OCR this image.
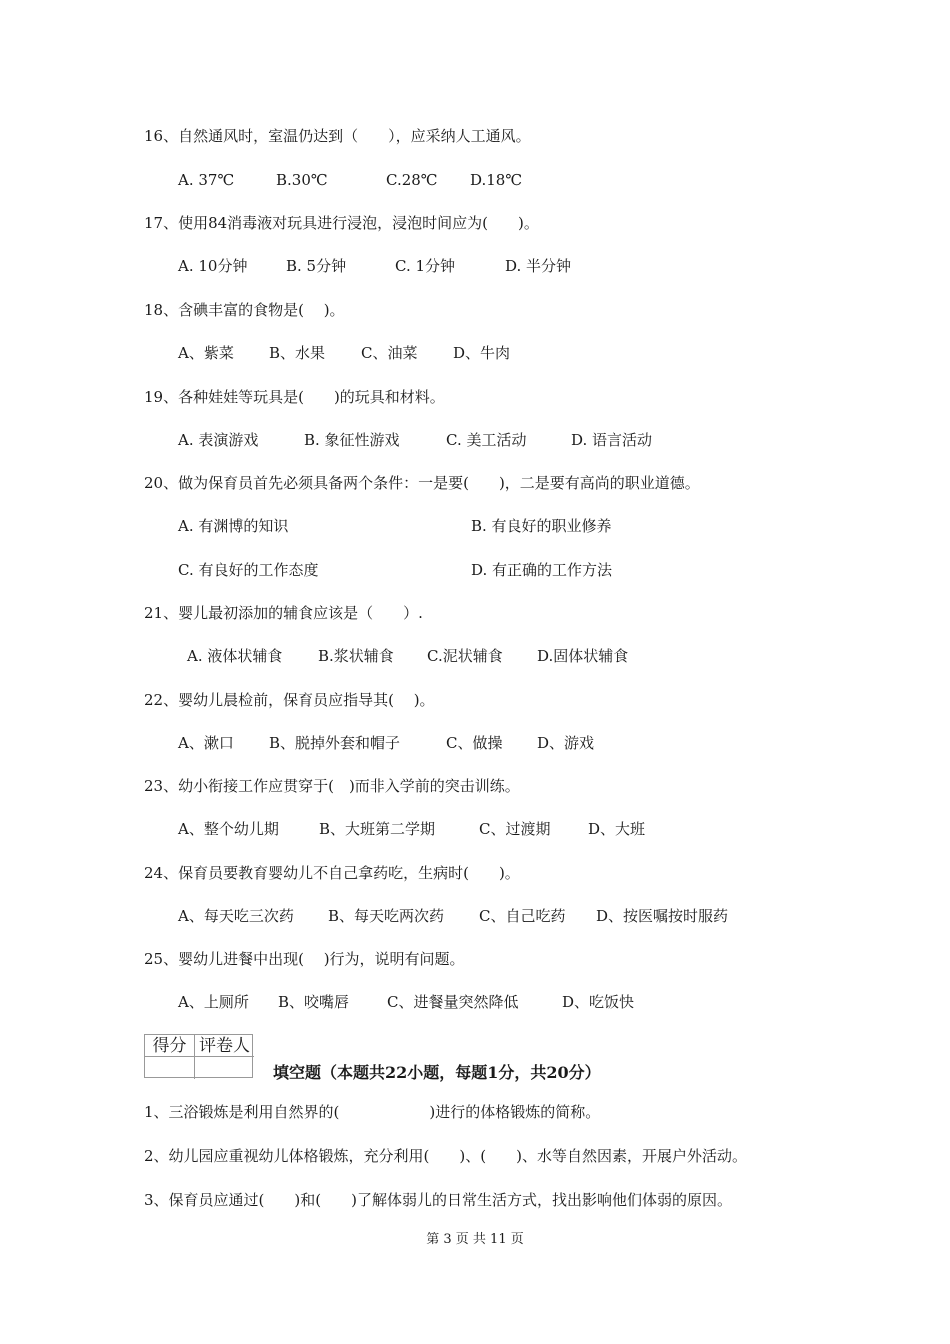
16、自然通风时，室温仍达到（　　），应采纳人工通风。
A. 37℃	B.30℃	C.28℃ D.18℃
17、使用84消毒液对玩具进行浸泡，浸泡时间应为(　　)。
A. 10分钟	B. 5分钟	C. 1分钟	D. 半分钟
18、含碘丰富的食物是(　 )。
A、紫菜 B、水果 C、油菜 D、牛肉
19、各种娃娃等玩具是(　　)的玩具和材料。
A. 表演游戏	B. 象征性游戏	C. 美工活动	D. 语言活动
20、做为保育员首先必须具备两个条件：一是要(　　)，二是要有高尚的职业道德。
A. 有渊博的知识	B. 有良好的职业修养
C. 有良好的工作态度	D. 有正确的工作方法
21、婴儿最初添加的辅食应该是（　　）.
A. 液体状辅食 B.浆状辅食 C.泥状辅食 D.固体状辅食
22、婴幼儿晨检前，保育员应指导其(　 )。
A、漱口 B、脱掉外套和帽子	C、做操 D、游戏
23、幼小衔接工作应贯穿于(　)而非入学前的突击训练。
A、整个幼儿期	B、大班第二学期	C、过渡期	D、大班
24、保育员要教育婴幼儿不自己拿药吃，生病时(　　)。
A、每天吃三次药 B、每天吃两次药 C、自己吃药 D、按医嘱按时服药
25、婴幼儿进餐中出现(　 )行为，说明有问题。
A、上厕所 B、咬嘴唇	C、进餐量突然降低	D、吃饭快
得分 评卷人
填空题（本题共22小题，每题1分，共20分）
1、三浴锻炼是利用自然界的(　　　　　　)进行的体格锻炼的简称。
2、幼儿园应重视幼儿体格锻炼，充分利用(　　)、(　　)、水等自然因素，开展户外活动。
3、保育员应通过(　　)和(　　)了解体弱儿的日常生活方式，找出影响他们体弱的原因。
第 3 页 共 11 页
